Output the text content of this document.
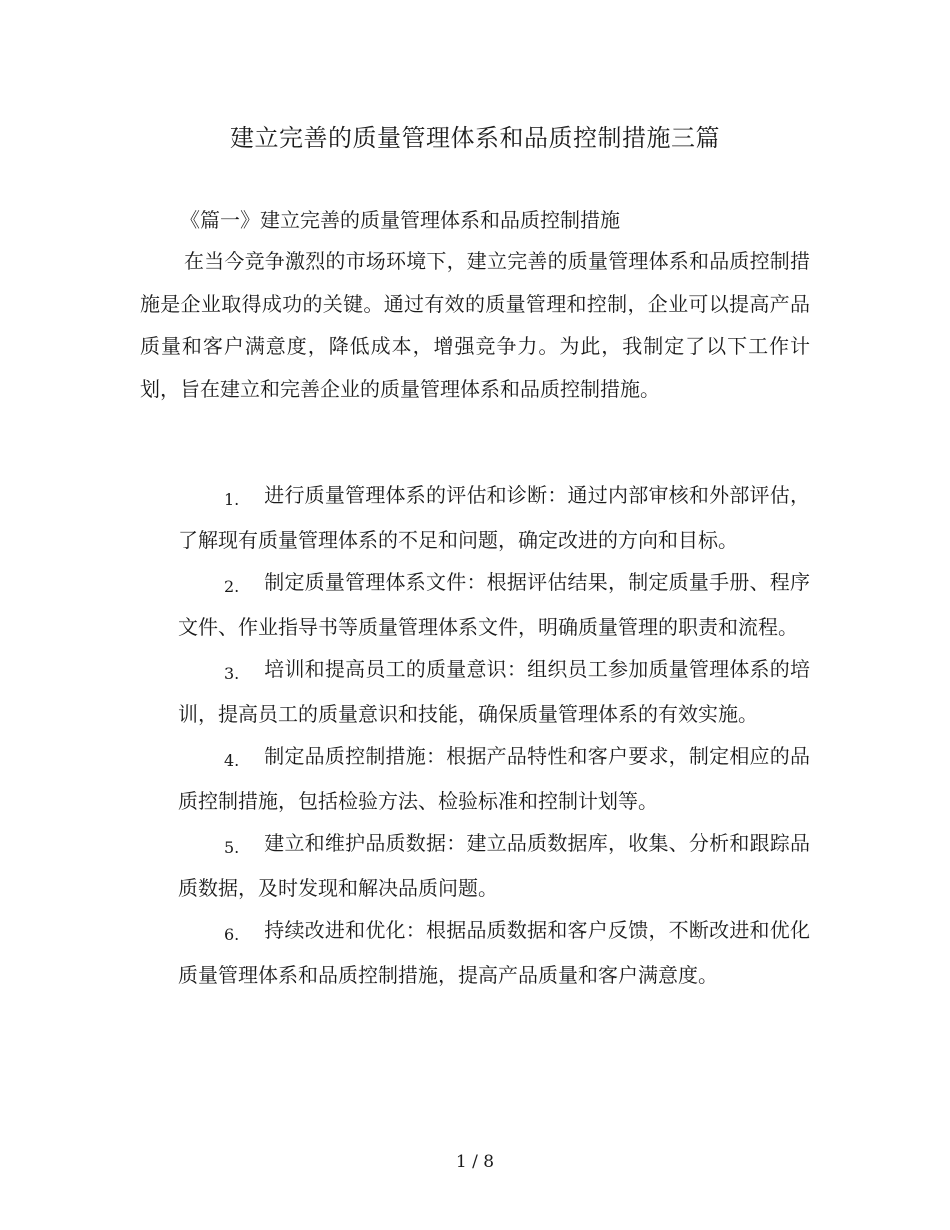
建立完善的质量管理体系和品质控制措施三篇
《篇一》建立完善的质量管理体系和品质控制措施

在当今竞争激烈的市场环境下，建立完善的质量管理体系和品质控制措施是企业取得成功的关键。通过有效的质量管理和控制，企业可以提高产品质量和客户满意度，降低成本，增强竞争力。为此，我制定了以下工作计划，旨在建立和完善企业的质量管理体系和品质控制措施。

1. 进行质量管理体系的评估和诊断：通过内部审核和外部评估，了解现有质量管理体系的不足和问题，确定改进的方向和目标。
2. 制定质量管理体系文件：根据评估结果，制定质量手册、程序文件、作业指导书等质量管理体系文件，明确质量管理的职责和流程。
3. 培训和提高员工的质量意识：组织员工参加质量管理体系的培训，提高员工的质量意识和技能，确保质量管理体系的有效实施。
4. 制定品质控制措施：根据产品特性和客户要求，制定相应的品质控制措施，包括检验方法、检验标准和控制计划等。
5. 建立和维护品质数据：建立品质数据库，收集、分析和跟踪品质数据，及时发现和解决品质问题。
6. 持续改进和优化：根据品质数据和客户反馈，不断改进和优化质量管理体系和品质控制措施，提高产品质量和客户满意度。
1 / 8
